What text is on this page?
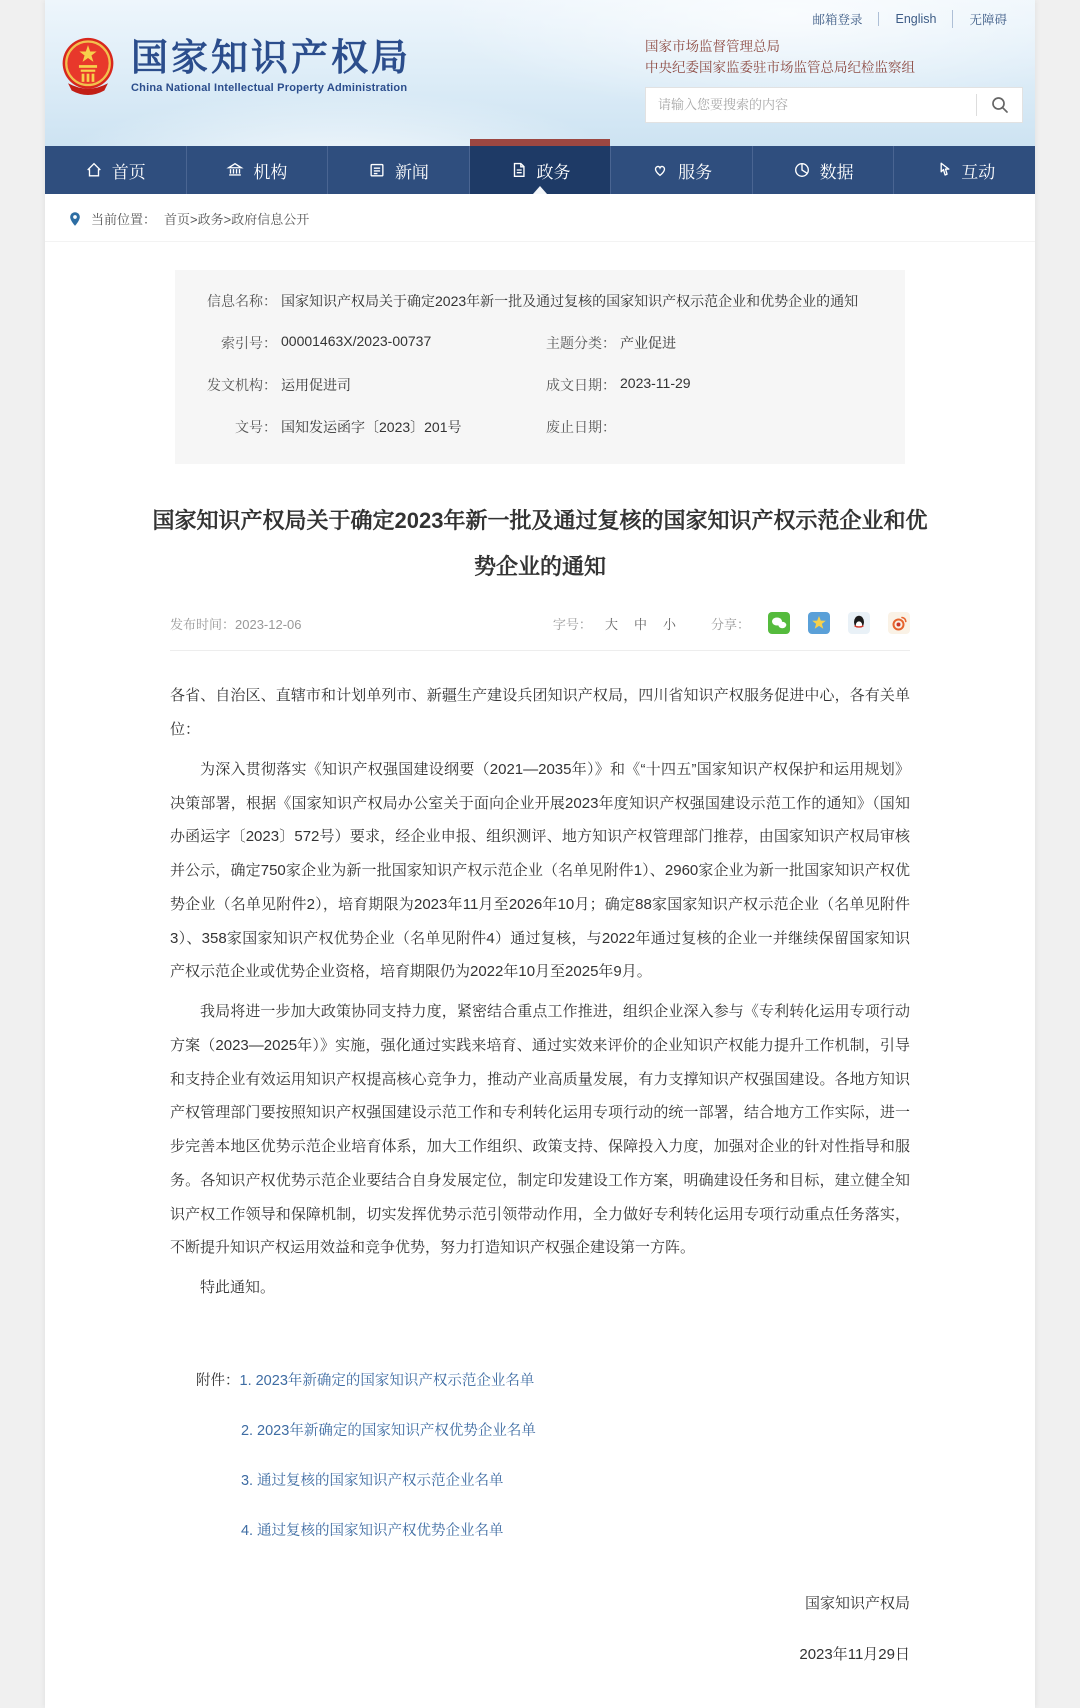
国家知识产权局
China National Intellectual Property Administration
邮箱登录	English	无障碍
国家市场监督管理总局
中央纪委国家监委驻市场监管总局纪检监察组
请输入您要搜索的内容
首页	机构	新闻	政务	服务	数据	互动
当前位置： 首页>政务>政府信息公开
信息名称： 国家知识产权局关于确定2023年新一批及通过复核的国家知识产权示范企业和优势企业的通知
索引号： 00001463X/2023-00737	主题分类： 产业促进
发文机构： 运用促进司	成文日期： 2023-11-29
文号： 国知发运函字〔2023〕201号	废止日期：
国家知识产权局关于确定2023年新一批及通过复核的国家知识产权示范企业和优势企业的通知
发布时间：2023-12-06	字号： 大 中 小	分享：

各省、自治区、直辖市和计划单列市、新疆生产建设兵团知识产权局，四川省知识产权服务促进中心，各有关单位：

为深入贯彻落实《知识产权强国建设纲要（2021—2035年）》和《“十四五”国家知识产权保护和运用规划》决策部署，根据《国家知识产权局办公室关于面向企业开展2023年度知识产权强国建设示范工作的通知》（国知办函运字〔2023〕572号）要求，经企业申报、组织测评、地方知识产权管理部门推荐，由国家知识产权局审核并公示，确定750家企业为新一批国家知识产权示范企业（名单见附件1）、2960家企业为新一批国家知识产权优势企业（名单见附件2），培育期限为2023年11月至2026年10月；确定88家国家知识产权示范企业（名单见附件3）、358家国家知识产权优势企业（名单见附件4）通过复核，与2022年通过复核的企业一并继续保留国家知识产权示范企业或优势企业资格，培育期限仍为2022年10月至2025年9月。

我局将进一步加大政策协同支持力度，紧密结合重点工作推进，组织企业深入参与《专利转化运用专项行动方案（2023—2025年）》实施，强化通过实践来培育、通过实效来评价的企业知识产权能力提升工作机制，引导和支持企业有效运用知识产权提高核心竞争力，推动产业高质量发展，有力支撑知识产权强国建设。各地方知识产权管理部门要按照知识产权强国建设示范工作和专利转化运用专项行动的统一部署，结合地方工作实际，进一步完善本地区优势示范企业培育体系，加大工作组织、政策支持、保障投入力度，加强对企业的针对性指导和服务。各知识产权优势示范企业要结合自身发展定位，制定印发建设工作方案，明确建设任务和目标，建立健全知识产权工作领导和保障机制，切实发挥优势示范引领带动作用，全力做好专利转化运用专项行动重点任务落实，不断提升知识产权运用效益和竞争优势，努力打造知识产权强企建设第一方阵。

特此通知。

附件： 1. 2023年新确定的国家知识产权示范企业名单
2. 2023年新确定的国家知识产权优势企业名单
3. 通过复核的国家知识产权示范企业名单
4. 通过复核的国家知识产权优势企业名单
国家知识产权局
2023年11月29日
